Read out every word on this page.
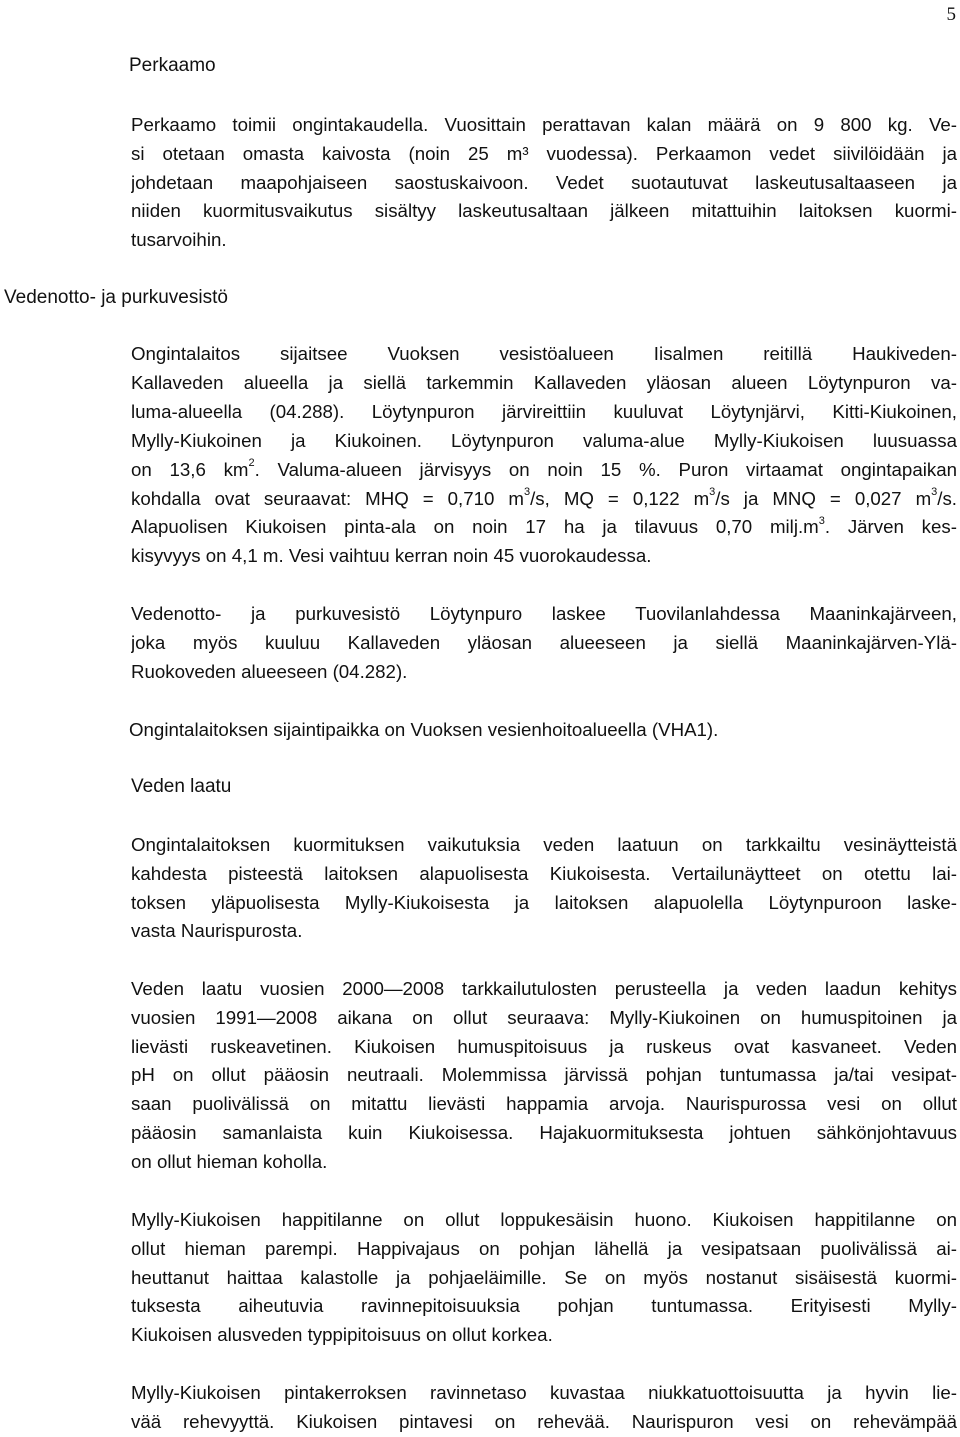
5
Perkaamo

Perkaamo toimii ongintakaudella. Vuosittain perattavan kalan määrä on 9 800 kg. Ve-
si otetaan omasta kaivosta (noin 25 m³ vuodessa). Perkaamon vedet siivilöidään ja
johdetaan maapohjaiseen saostuskaivoon. Vedet suotautuvat laskeutusaltaaseen ja
niiden kuormitusvaikutus sisältyy laskeutusaltaan jälkeen mitattuihin laitoksen kuormi-
tusarvoihin.

Vedenotto- ja purkuvesistö

Ongintalaitos sijaitsee Vuoksen vesistöalueen Iisalmen reitillä Haukiveden-
Kallaveden alueella ja siellä tarkemmin Kallaveden yläosan alueen Löytynpuron va-
luma-alueella (04.288). Löytynpuron järvireittiin kuuluvat Löytynjärvi, Kitti-Kiukoinen,
Mylly-Kiukoinen ja Kiukoinen. Löytynpuron valuma-alue Mylly-Kiukoisen luusuassa
on 13,6 $km^2$. Valuma-alueen järvisyys on noin 15 %. Puron virtaamat ongintapaikan
kohdalla ovat seuraavat: MHQ = 0,710 $m^3/s$, MQ = 0,122 $m^3/s$ ja MNQ = 0,027 $m^3/s$.
Alapuolisen Kiukoisen pinta-ala on noin 17 ha ja tilavuus 0,70 $milj.m^3$. Järven kes-
kisyvyys on 4,1 m. Vesi vaihtuu kerran noin 45 vuorokaudessa.

Vedenotto- ja purkuvesistö Löytynpuro laskee Tuovilanlahdessa Maaninkajärveen,
joka myös kuuluu Kallaveden yläosan alueeseen ja siellä Maaninkajärven-Ylä-
Ruokoveden alueeseen (04.282).

Ongintalaitoksen sijaintipaikka on Vuoksen vesienhoitoalueella (VHA1).

Veden laatu

Ongintalaitoksen kuormituksen vaikutuksia veden laatuun on tarkkailtu vesinäytteistä
kahdesta pisteestä laitoksen alapuolisesta Kiukoisesta. Vertailunäytteet on otettu lai-
toksen yläpuolisesta Mylly-Kiukoisesta ja laitoksen alapuolella Löytynpuroon laske-
vasta Naurispurosta.

Veden laatu vuosien 2000—2008 tarkkailutulosten perusteella ja veden laadun kehitys
vuosien 1991—2008 aikana on ollut seuraava: Mylly-Kiukoinen on humuspitoinen ja
lievästi ruskeavetinen. Kiukoisen humuspitoisuus ja ruskeus ovat kasvaneet. Veden
pH on ollut pääosin neutraali. Molemmissa järvissä pohjan tuntumassa ja/tai vesipat-
saan puolivälissä on mitattu lievästi happamia arvoja. Naurispurossa vesi on ollut
pääosin samanlaista kuin Kiukoisessa. Hajakuormituksesta johtuen sähkönjohtavuus
on ollut hieman koholla.

Mylly-Kiukoisen happitilanne on ollut loppukesäisin huono. Kiukoisen happitilanne on
ollut hieman parempi. Happivajaus on pohjan lähellä ja vesipatsaan puolivälissä ai-
heuttanut haittaa kalastolle ja pohjaeläimille. Se on myös nostanut sisäisestä kuormi-
tuksesta aiheutuvia ravinnepitoisuuksia pohjan tuntumassa. Erityisesti Mylly-
Kiukoisen alusveden typpipitoisuus on ollut korkea.

Mylly-Kiukoisen pintakerroksen ravinnetaso kuvastaa niukkatuottoisuutta ja hyvin lie-
vää rehevyyttä. Kiukoisen pintavesi on rehevää. Naurispuron vesi on rehevämpää
